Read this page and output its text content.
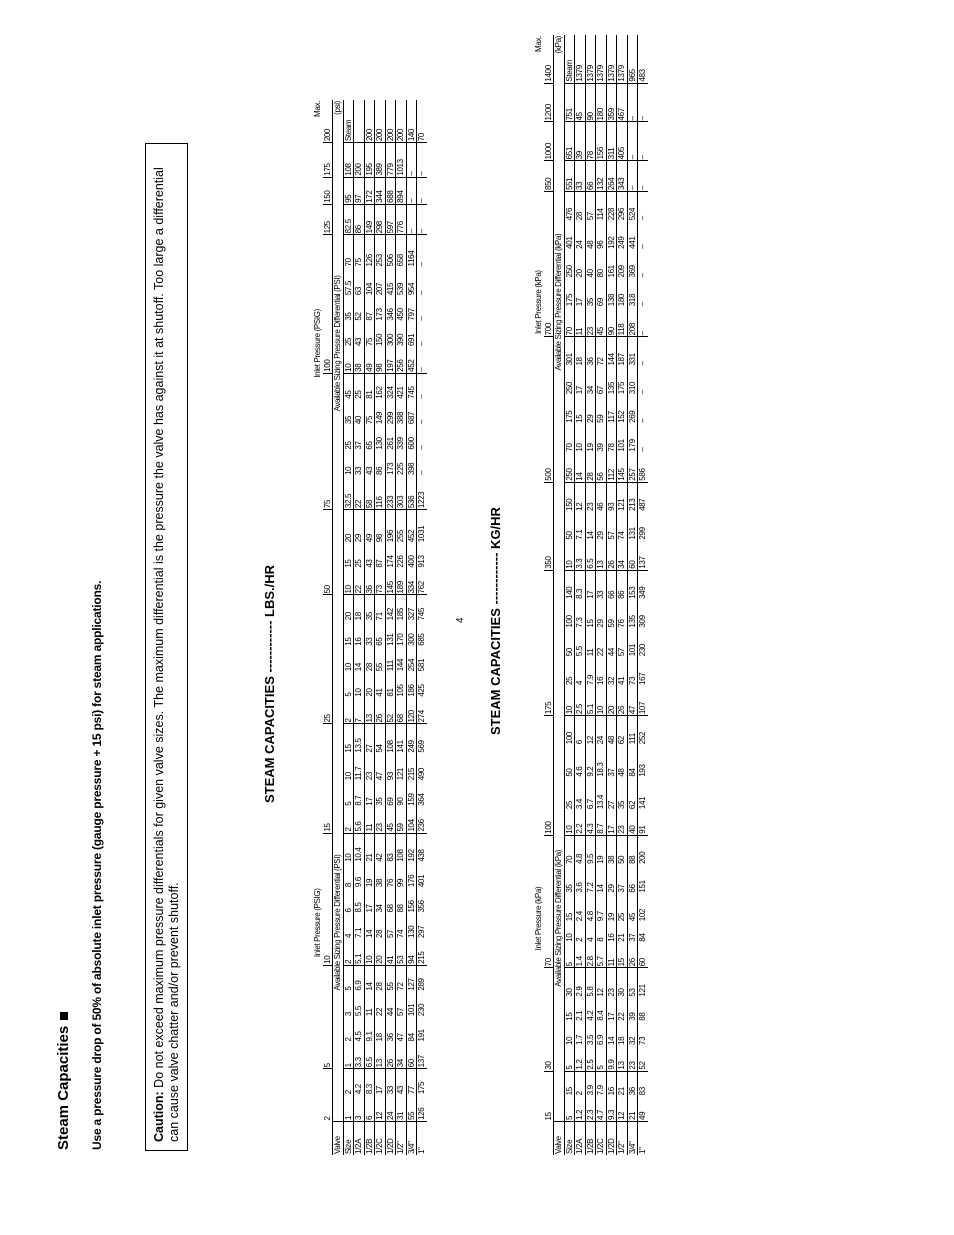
Steam Capacities Use a pressure drop of 50% of absolute inlet pressure (gauge pressure + 15 psi) for steam applications.	Caution: Do not exceed maximum pressure differentials for given valve sizes. The maximum differential is the pressure the valve has against it at shutoff. Too large a differential can cause valve chatter and/or prevent shutoff.
STEAM CAPACITIES ------------ LBS./HR
	Inlet Pressure (PSIG)																							Inlet Pressure (PSIG)												Max.	
	2		5				10					15				25					50			75					100					125	150	175	200
Valve	Available Sizing Pressure Differential (PSI)																							Available Sizing Pressure Differential (PSI)												(psi)	
Size	1	2	1	2	3	5	2	4	6	8	10	2	5	10	15	2	5	10	15	20	10	15	20	32.5	10	25	35	45	10	25	35	57.5	70	82.5	95	108	Steam
1/2A	3	4.2	3.3	4.5	5.5	6.9	5.1	7.1	8.5	9.6	10.4	5.6	8.7	11.7	13.5	7	10	14	16	18	22	25	29	22	33	37	40	25	38	43	52	63	75	86	97	200	
1/2B	6	8.3	6.5	9.1	11	14	10	14	17	19	21	11	17	23	27	13	20	28	33	35	36	43	49	58	43	65	75	81	49	75	87	104	126	149	172	195	200
1/2C	12	17	13	18	22	28	20	28	34	38	42	23	35	47	54	26	41	55	65	71	73	87	98	116	86	130	149	162	98	150	173	207	253	298	344	389	200
1/2D	24	33	26	36	44	55	41	57	68	76	83	45	69	93	108	52	81	111	131	142	145	174	196	233	173	261	299	324	197	300	346	415	506	597	688	779	200
1/2"	31	43	34	47	57	72	53	74	88	99	108	59	90	121	141	68	105	144	170	185	189	226	255	303	225	339	388	421	256	390	450	539	658	776	894	1013	200
3/4"	55	77	60	84	101	127	94	130	156	176	192	104	159	215	249	120	186	254	300	327	334	400	452	536	398	600	687	745	452	691	797	954	1164	–	–	–	140
1"	126	175	137	191	230	289	215	297	356	401	438	236	364	490	569	274	425	581	685	745	762	913	1031	1223	–	–	–	–	–	–	–	–	–	–	–	–	70
STEAM CAPACITIES ------------ KG/HR
	Inlet Pressure (kPa)																							Inlet Pressure (kPa)												Max.	
	15		30				70					100				175					350			500					700					850	1000	1200	1400
Valve	Available Sizing Pressure Differential (kPa)																							Available Sizing Pressure Differential (kPa)												(kPa)	
Size	5	15	5	10	15	30	5	10	15	35	70	10	25	50	100	10	25	50	100	140	10	50	150	250	70	175	250	301	70	175	250	401	476	551	651	751	Steam
1/2A	1.2	2	1.2	1.7	2.1	2.9	1.4	2	2.4	3.6	4.8	2.2	3.4	4.6	6	2.5	4	5.5	7.3	8.3	3.3	7.1	12	14	10	15	17	18	11	17	20	24	28	33	39	45	1379
1/2B	2.3	3.9	2.5	3.5	4.2	5.8	2.8	4	4.8	7.2	9.5	4.3	6.7	9.2	12	5.1	7.9	11	15	17	6.5	14	23	28	19	29	34	36	23	35	40	48	57	66	78	90	1379
1/2C	4.7	7.9	5	6.9	8.4	12	5.7	8	9.7	14	19	8.7	13.4	18.3	24	10	16	22	29	33	13	29	46	56	39	59	67	72	45	69	80	96	114	132	156	180	1379
1/2D	9.3	16	9.9	14	17	23	11	16	19	29	38	17	27	37	48	20	32	44	59	66	26	57	93	112	78	117	135	144	90	138	161	192	228	264	311	359	1379
1/2"	12	21	13	18	22	30	15	21	25	37	50	23	35	48	62	26	41	57	76	86	34	74	121	145	101	152	175	187	118	180	209	249	296	343	405	467	1379
3/4"	21	36	23	32	39	53	26	37	45	66	88	40	62	84	111	47	73	101	135	153	60	131	213	257	179	269	310	331	208	318	369	441	524	–	–	–	965
1"	49	83	52	73	88	121	60	84	102	151	200	91	141	193	252	107	167	230	309	349	137	299	487	586	–	–	–	–	–	–	–	–	–	–	–	–	483
4
